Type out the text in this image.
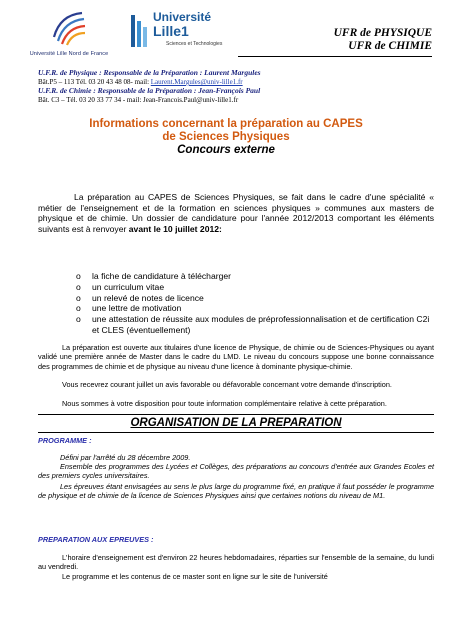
Université Lille Nord de France
Université
Lille1
Sciences et Technologies
UFR de PHYSIQUE
UFR de CHIMIE
U.F.R. de Physique : Responsable de la Préparation : Laurent Margules
Bât.P5 – 113 Tél. 03 20 43 48 08- mail: Laurent.Margules@univ-lille1.fr
U.F.R. de Chimie : Responsable de la Préparation : Jean-François Paul
Bât. C3 – Tél. 03 20 33 77 34 - mail: Jean-Francois.Paul@univ-lille1.fr
Informations concernant la préparation au CAPES
de Sciences Physiques
Concours externe
La préparation au CAPES de Sciences Physiques, se fait dans le cadre d'une spécialité « métier de l'enseignement et de la formation en sciences physiques » communes aux masters de physique et de chimie. Un dossier de candidature pour l'année 2012/2013 comportant les éléments suivants est à renvoyer avant le 10 juillet 2012:
o la fiche de candidature à télécharger
o un curriculum vitae
o un relevé de notes de licence
o une lettre de motivation
o une attestation de réussite aux modules de préprofessionnalisation et de certification C2i et CLES (éventuellement)
La préparation est ouverte aux titulaires d'une licence de Physique, de chimie ou de Sciences-Physiques ou ayant validé une première année de Master dans le cadre du LMD. Le niveau du concours suppose une bonne connaissance des programmes de chimie et de physique au niveau d'une licence à dominante physique-chimie.
Vous recevrez courant juillet un avis favorable ou défavorable concernant votre demande d'inscription.
Nous sommes à votre disposition pour toute information complémentaire relative à cette préparation.
ORGANISATION DE LA PREPARATION
PROGRAMME :
Défini par l'arrêté du 28 décembre 2009.
Ensemble des programmes des Lycées et Collèges, des préparations au concours d'entrée aux Grandes Ecoles et des premiers cycles universitaires.
Les épreuves étant envisagées au sens le plus large du programme fixé, en pratique il faut posséder le programme de physique et de chimie de la licence de Sciences Physiques ainsi que certaines notions du niveau de M1.
PREPARATION AUX EPREUVES :
L'horaire d'enseignement est d'environ 22 heures hebdomadaires, réparties sur l'ensemble de la semaine, du lundi au vendredi.
Le programme et les contenus de ce master sont en ligne sur le site de l'université
